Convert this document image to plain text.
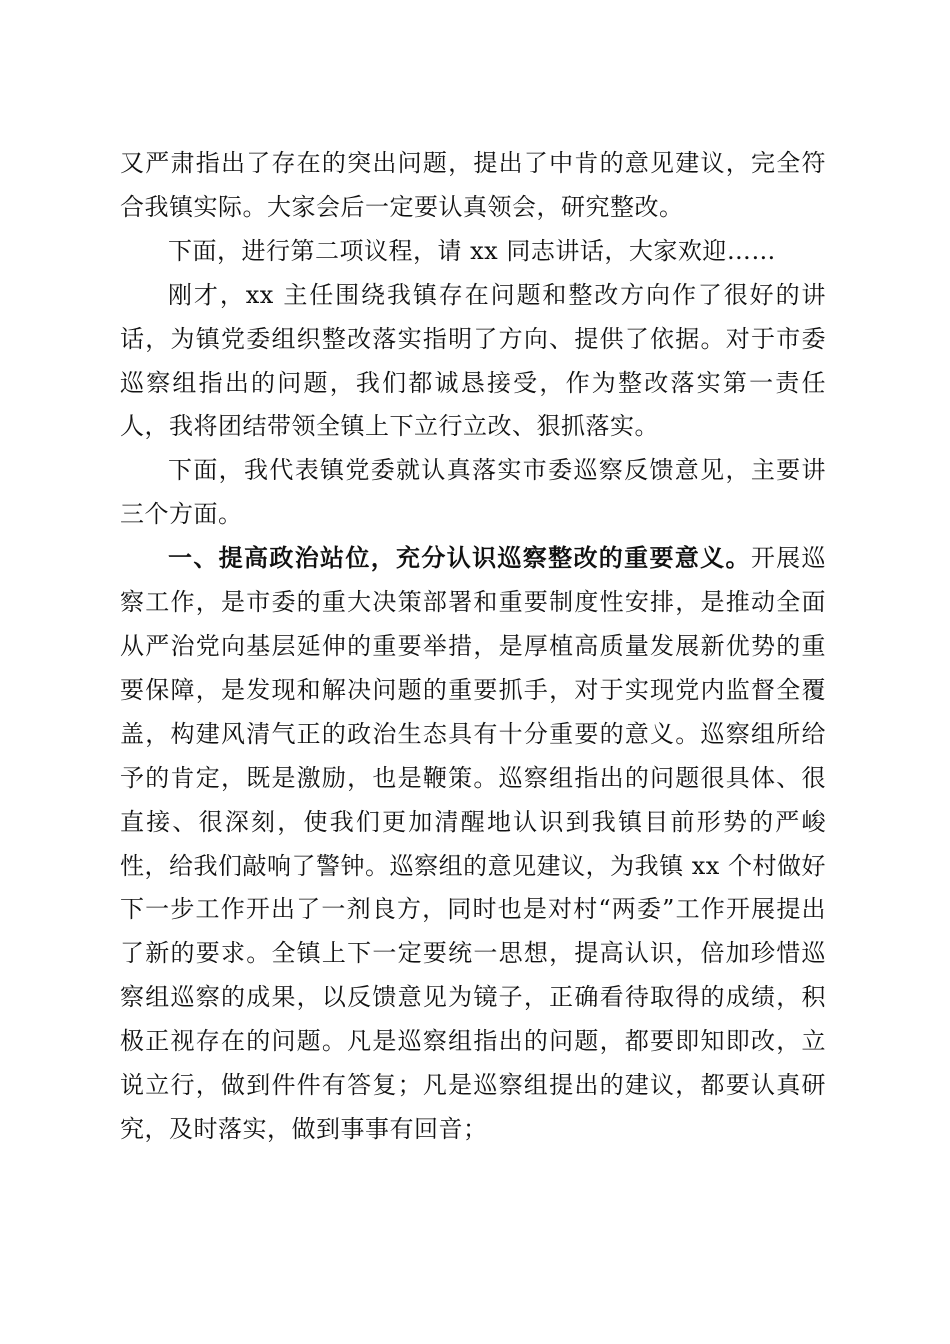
又严肃指出了存在的突出问题，提出了中肯的意见建议，完全符合我镇实际。大家会后一定要认真领会，研究整改。

下面，进行第二项议程，请 xx 同志讲话，大家欢迎……

刚才，xx 主任围绕我镇存在问题和整改方向作了很好的讲话，为镇党委组织整改落实指明了方向、提供了依据。对于市委巡察组指出的问题，我们都诚恳接受，作为整改落实第一责任人，我将团结带领全镇上下立行立改、狠抓落实。

下面，我代表镇党委就认真落实市委巡察反馈意见，主要讲三个方面。

一、提高政治站位，充分认识巡察整改的重要意义。开展巡察工作，是市委的重大决策部署和重要制度性安排，是推动全面从严治党向基层延伸的重要举措，是厚植高质量发展新优势的重要保障，是发现和解决问题的重要抓手，对于实现党内监督全覆盖，构建风清气正的政治生态具有十分重要的意义。巡察组所给予的肯定，既是激励，也是鞭策。巡察组指出的问题很具体、很直接、很深刻，使我们更加清醒地认识到我镇目前形势的严峻性，给我们敲响了警钟。巡察组的意见建议，为我镇 xx 个村做好下一步工作开出了一剂良方，同时也是对村“两委”工作开展提出了新的要求。全镇上下一定要统一思想，提高认识，倍加珍惜巡察组巡察的成果，以反馈意见为镜子，正确看待取得的成绩，积极正视存在的问题。凡是巡察组指出的问题，都要即知即改，立说立行，做到件件有答复；凡是巡察组提出的建议，都要认真研究，及时落实，做到事事有回音；
